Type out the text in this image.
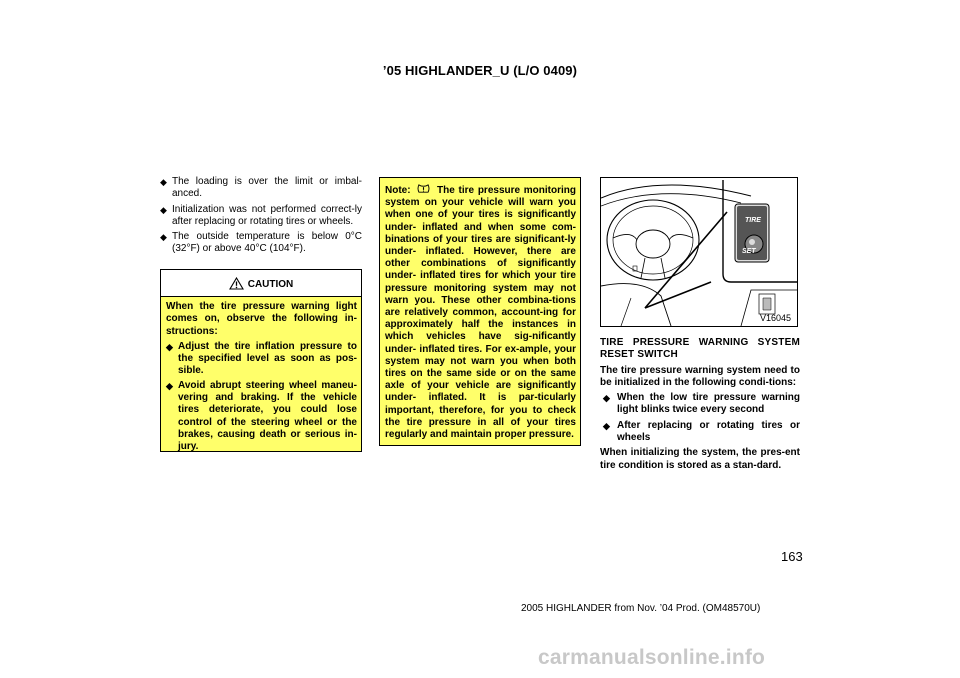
’05 HIGHLANDER_U (L/O 0409)
◆ The loading is over the limit or imbal-anced.
◆ Initialization was not performed correct-ly after replacing or rotating tires or wheels.
◆ The outside temperature is below 0°C (32°F) or above 40°C (104°F).
CAUTION

When the tire pressure warning light comes on, observe the following in-structions:

◆ Adjust the tire inflation pressure to the specified level as soon as pos-sible.
◆ Avoid abrupt steering wheel maneu-vering and braking. If the vehicle tires deteriorate, you could lose control of the steering wheel or the brakes, causing death or serious in-jury.

Note:	The tire pressure monitoring system on your vehicle will warn you when one of your tires is significantly under- inflated and when some com-binations of your tires are significant-ly under- inflated. However, there are other combinations of significantly under- inflated tires for which your tire pressure monitoring system may not warn you. These other combina-tions are relatively common, account-ing for approximately half the instances in which vehicles have sig-nificantly under- inflated tires. For ex-ample, your system may not warn you when both tires on the same side or on the same axle of your vehicle are significantly under- inflated. It is par-ticularly important, therefore, for you to check the tire pressure in all of your tires regularly and maintain proper pressure.

TIRE
SET
V16045

TIRE PRESSURE WARNING SYSTEM RESET SWITCH

The tire pressure warning system need to be initialized in the following condi-tions:

◆ When the low tire pressure warning light blinks twice every second
◆ After replacing or rotating tires or wheels

When initializing the system, the pres-ent tire condition is stored as a stan-dard.

163
2005 HIGHLANDER from Nov. ’04 Prod. (OM48570U)
carmanualsonline.info
